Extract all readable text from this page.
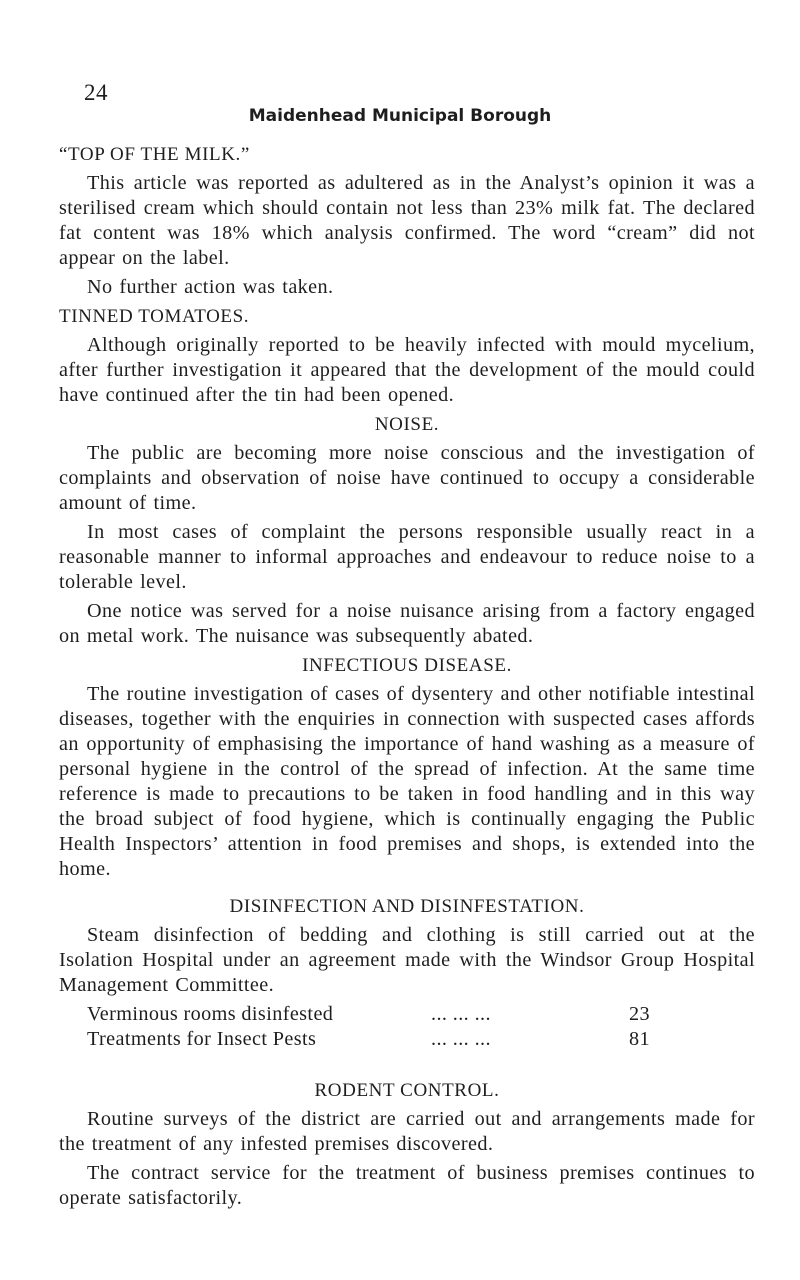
24
Maidenhead Municipal Borough

“TOP OF THE MILK.”

This article was reported as adultered as in the Analyst’s opinion it was a sterilised cream which should contain not less than 23% milk fat. The declared fat content was 18% which analysis confirmed. The word “cream” did not appear on the label.

No further action was taken.

TINNED TOMATOES.

Although originally reported to be heavily infected with mould mycelium, after further investigation it appeared that the development of the mould could have continued after the tin had been opened.

NOISE.

The public are becoming more noise conscious and the investigation of complaints and observation of noise have continued to occupy a considerable amount of time.

In most cases of complaint the persons responsible usually react in a reasonable manner to informal approaches and endeavour to reduce noise to a tolerable level.

One notice was served for a noise nuisance arising from a factory engaged on metal work. The nuisance was subsequently abated.

INFECTIOUS DISEASE.

The routine investigation of cases of dysentery and other notifiable intestinal diseases, together with the enquiries in connection with suspected cases affords an opportunity of emphasising the importance of hand washing as a measure of personal hygiene in the control of the spread of infection. At the same time reference is made to precautions to be taken in food handling and in this way the broad subject of food hygiene, which is continually engaging the Public Health Inspectors’ attention in food premises and shops, is extended into the home.

DISINFECTION AND DISINFESTATION.

Steam disinfection of bedding and clothing is still carried out at the Isolation Hospital under an agreement made with the Windsor Group Hospital Management Committee.

Verminous rooms disinfested	... ... ...	23
Treatments for Insect Pests	... ... ...	81

RODENT CONTROL.

Routine surveys of the district are carried out and arrangements made for the treatment of any infested premises discovered.

The contract service for the treatment of business premises continues to operate satisfactorily.
